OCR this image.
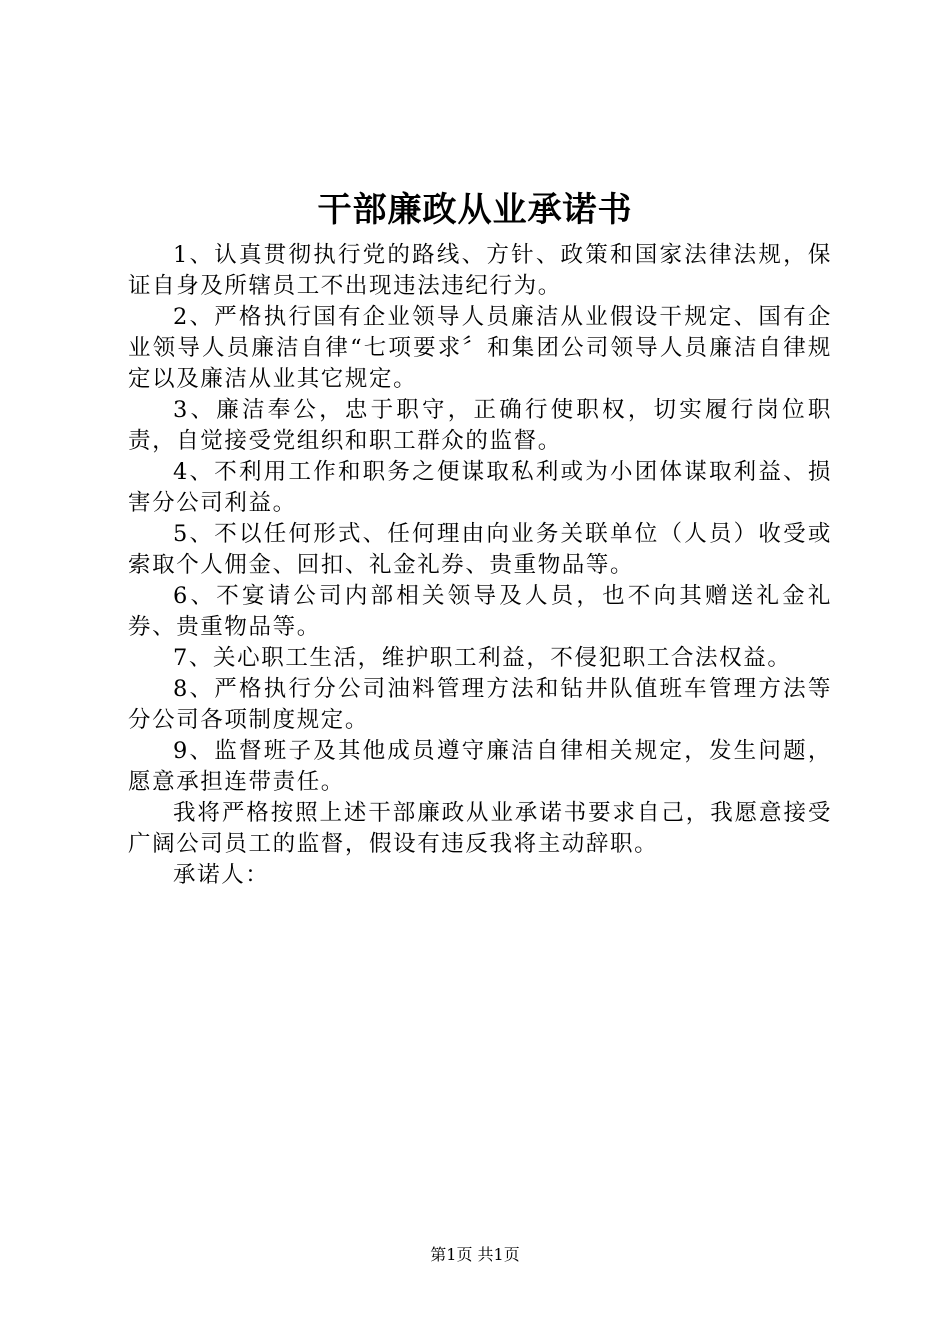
干部廉政从业承诺书

1、认真贯彻执行党的路线、方针、政策和国家法律法规，保证自身及所辖员工不出现违法违纪行为。

2、严格执行国有企业领导人员廉洁从业假设干规定、国有企业领导人员廉洁自律“七项要求〞和集团公司领导人员廉洁自律规定以及廉洁从业其它规定。

3、廉洁奉公，忠于职守，正确行使职权，切实履行岗位职责，自觉接受党组织和职工群众的监督。

4、不利用工作和职务之便谋取私利或为小团体谋取利益、损害分公司利益。

5、不以任何形式、任何理由向业务关联单位（人员）收受或索取个人佣金、回扣、礼金礼券、贵重物品等。

6、不宴请公司内部相关领导及人员，也不向其赠送礼金礼券、贵重物品等。

7、关心职工生活，维护职工利益，不侵犯职工合法权益。

8、严格执行分公司油料管理方法和钻井队值班车管理方法等分公司各项制度规定。

9、监督班子及其他成员遵守廉洁自律相关规定，发生问题，愿意承担连带责任。

我将严格按照上述干部廉政从业承诺书要求自己，我愿意接受广阔公司员工的监督，假设有违反我将主动辞职。

承诺人：

第1页 共1页
